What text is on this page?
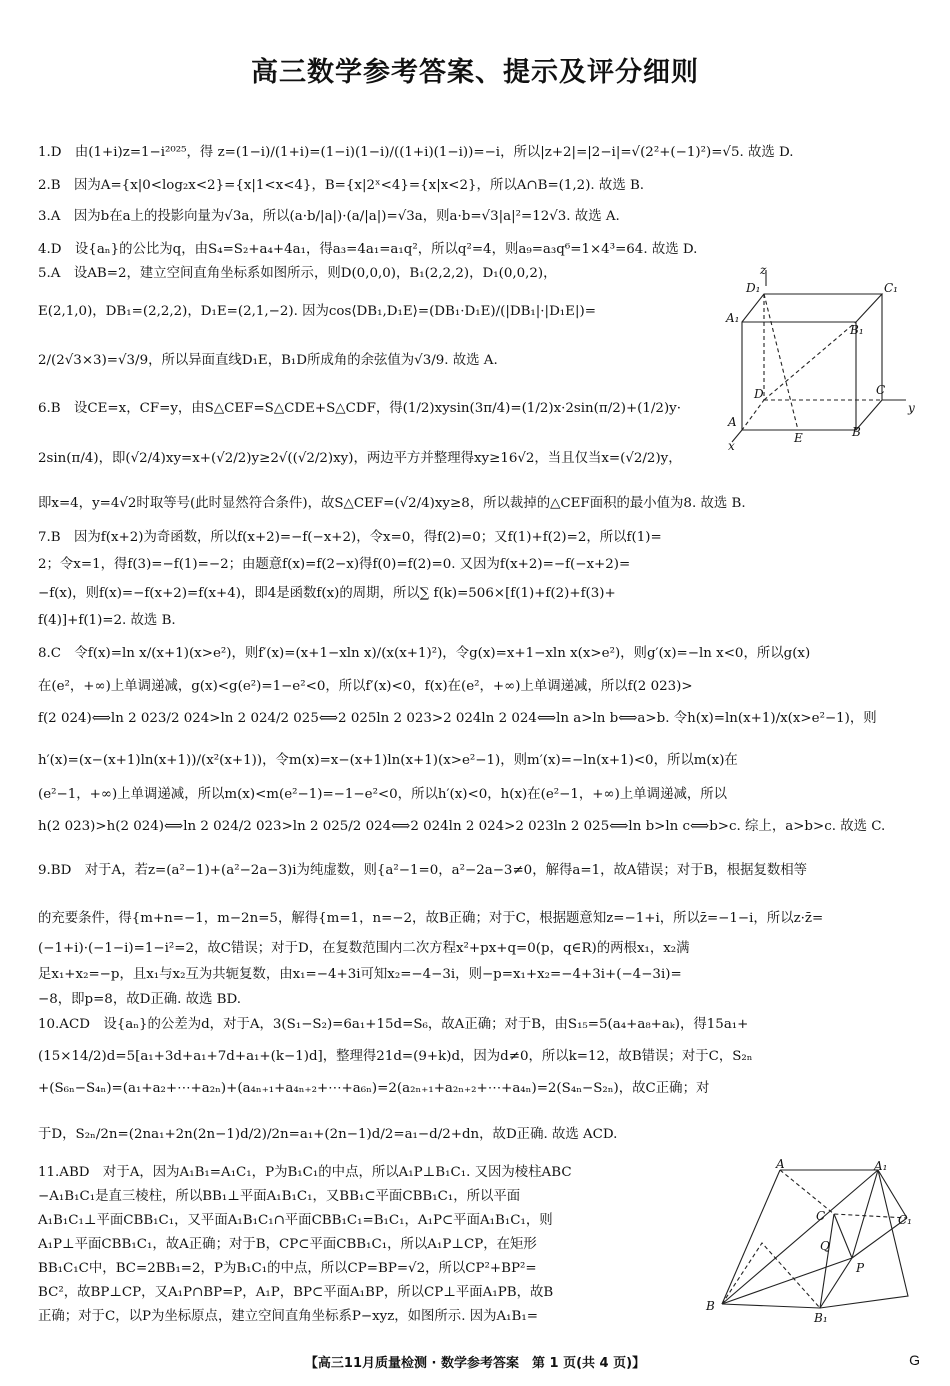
高三数学参考答案、提示及评分细则
1.D　由(1+i)z=1−i²⁰²⁵，得 z=(1−i)/(1+i)=(1−i)(1−i)/((1+i)(1−i))=−i，所以|z+2|=|2−i|=√(2²+(−1)²)=√5. 故选 D.
2.B　因为A={x|0<log₂x<2}={x|1<x<4}，B={x|2ˣ<4}={x|x<2}，所以A∩B=(1,2). 故选 B.
3.A　因为b在a上的投影向量为√3a，所以(a·b/|a|)·(a/|a|)=√3a，则a·b=√3|a|²=12√3. 故选 A.
4.D　设{aₙ}的公比为q，由S₄=S₂+a₄+4a₁，得a₃=4a₁=a₁q²，所以q²=4，则a₉=a₃q⁶=1×4³=64. 故选 D.
5.A　设AB=2，建立空间直角坐标系如图所示，则D(0,0,0)，B₁(2,2,2)，D₁(0,0,2)，
E(2,1,0)，DB₁=(2,2,2)，D₁E=(2,1,−2). 因为cos⟨DB₁,D₁E⟩=(DB₁·D₁E)/(|DB₁|·|D₁E|)=
2/(2√3×3)=√3/9，所以异面直线D₁E，B₁D所成角的余弦值为√3/9. 故选 A.
6.B　设CE=x，CF=y，由S△CEF=S△CDE+S△CDF，得(1/2)xysin(3π/4)=(1/2)x·2sin(π/2)+(1/2)y·
2sin(π/4)，即(√2/4)xy=x+(√2/2)y≥2√((√2/2)xy)，两边平方并整理得xy≥16√2，当且仅当x=(√2/2)y，
即x=4，y=4√2时取等号(此时显然符合条件)，故S△CEF=(√2/4)xy≥8，所以裁掉的△CEF面积的最小值为8. 故选 B.
7.B　因为f(x+2)为奇函数，所以f(x+2)=−f(−x+2)，令x=0，得f(2)=0；又f(1)+f(2)=2，所以f(1)=
2；令x=1，得f(3)=−f(1)=−2；由题意f(x)=f(2−x)得f(0)=f(2)=0. 又因为f(x+2)=−f(−x+2)=
−f(x)，则f(x)=−f(x+2)=f(x+4)，即4是函数f(x)的周期，所以∑ f(k)=506×[f(1)+f(2)+f(3)+
f(4)]+f(1)=2. 故选 B.
8.C　令f(x)=ln x/(x+1)(x>e²)，则f′(x)=(x+1−xln x)/(x(x+1)²)，令g(x)=x+1−xln x(x>e²)，则g′(x)=−ln x<0，所以g(x)
在(e²，+∞)上单调递减，g(x)<g(e²)=1−e²<0，所以f′(x)<0，f(x)在(e²，+∞)上单调递减，所以f(2 023)>
f(2 024)⟺ln 2 023/2 024>ln 2 024/2 025⟺2 025ln 2 023>2 024ln 2 024⟺ln a>ln b⟺a>b. 令h(x)=ln(x+1)/x(x>e²−1)，则
h′(x)=(x−(x+1)ln(x+1))/(x²(x+1))，令m(x)=x−(x+1)ln(x+1)(x>e²−1)，则m′(x)=−ln(x+1)<0，所以m(x)在
(e²−1，+∞)上单调递减，所以m(x)<m(e²−1)=−1−e²<0，所以h′(x)<0，h(x)在(e²−1，+∞)上单调递减，所以
h(2 023)>h(2 024)⟺ln 2 024/2 023>ln 2 025/2 024⟺2 024ln 2 024>2 023ln 2 025⟺ln b>ln c⟺b>c. 综上，a>b>c. 故选 C.
9.BD　对于A，若z=(a²−1)+(a²−2a−3)i为纯虚数，则{a²−1=0，a²−2a−3≠0，解得a=1，故A错误；对于B，根据复数相等
的充要条件，得{m+n=−1，m−2n=5，解得{m=1，n=−2，故B正确；对于C，根据题意知z=−1+i，所以z̄=−1−i，所以z·z̄=
(−1+i)·(−1−i)=1−i²=2，故C错误；对于D，在复数范围内二次方程x²+px+q=0(p，q∈R)的两根x₁，x₂满
足x₁+x₂=−p，且x₁与x₂互为共轭复数，由x₁=−4+3i可知x₂=−4−3i，则−p=x₁+x₂=−4+3i+(−4−3i)=
−8，即p=8，故D正确. 故选 BD.
10.ACD　设{aₙ}的公差为d，对于A，3(S₁−S₂)=6a₁+15d=S₆，故A正确；对于B，由S₁₅=5(a₄+a₈+aₖ)，得15a₁+
(15×14/2)d=5[a₁+3d+a₁+7d+a₁+(k−1)d]，整理得21d=(9+k)d，因为d≠0，所以k=12，故B错误；对于C，S₂ₙ
+(S₆ₙ−S₄ₙ)=(a₁+a₂+⋯+a₂ₙ)+(a₄ₙ₊₁+a₄ₙ₊₂+⋯+a₆ₙ)=2(a₂ₙ₊₁+a₂ₙ₊₂+⋯+a₄ₙ)=2(S₄ₙ−S₂ₙ)，故C正确；对
于D，S₂ₙ/2n=(2na₁+2n(2n−1)d/2)/2n=a₁+(2n−1)d/2=a₁−d/2+dn，故D正确. 故选 ACD.
11.ABD　对于A，因为A₁B₁=A₁C₁，P为B₁C₁的中点，所以A₁P⊥B₁C₁. 又因为棱柱ABC
−A₁B₁C₁是直三棱柱，所以BB₁⊥平面A₁B₁C₁，又BB₁⊂平面CBB₁C₁，所以平面
A₁B₁C₁⊥平面CBB₁C₁，又平面A₁B₁C₁∩平面CBB₁C₁=B₁C₁，A₁P⊂平面A₁B₁C₁，则
A₁P⊥平面CBB₁C₁，故A正确；对于B，CP⊂平面CBB₁C₁，所以A₁P⊥CP，在矩形
BB₁C₁C中，BC=2BB₁=2，P为B₁C₁的中点，所以CP=BP=√2，所以CP²+BP²=
BC²，故BP⊥CP，又A₁P∩BP=P，A₁P，BP⊂平面A₁BP，所以CP⊥平面A₁PB，故B
正确；对于C，以P为坐标原点，建立空间直角坐标系P−xyz，如图所示. 因为A₁B₁=
z
D₁	C₁
A₁
B₁
D	C
y
A
E	B
x
A	A₁
C	C₁
Q
P
B
B₁
【高三11月质量检测 · 数学参考答案　第 1 页(共 4 页)】	G
